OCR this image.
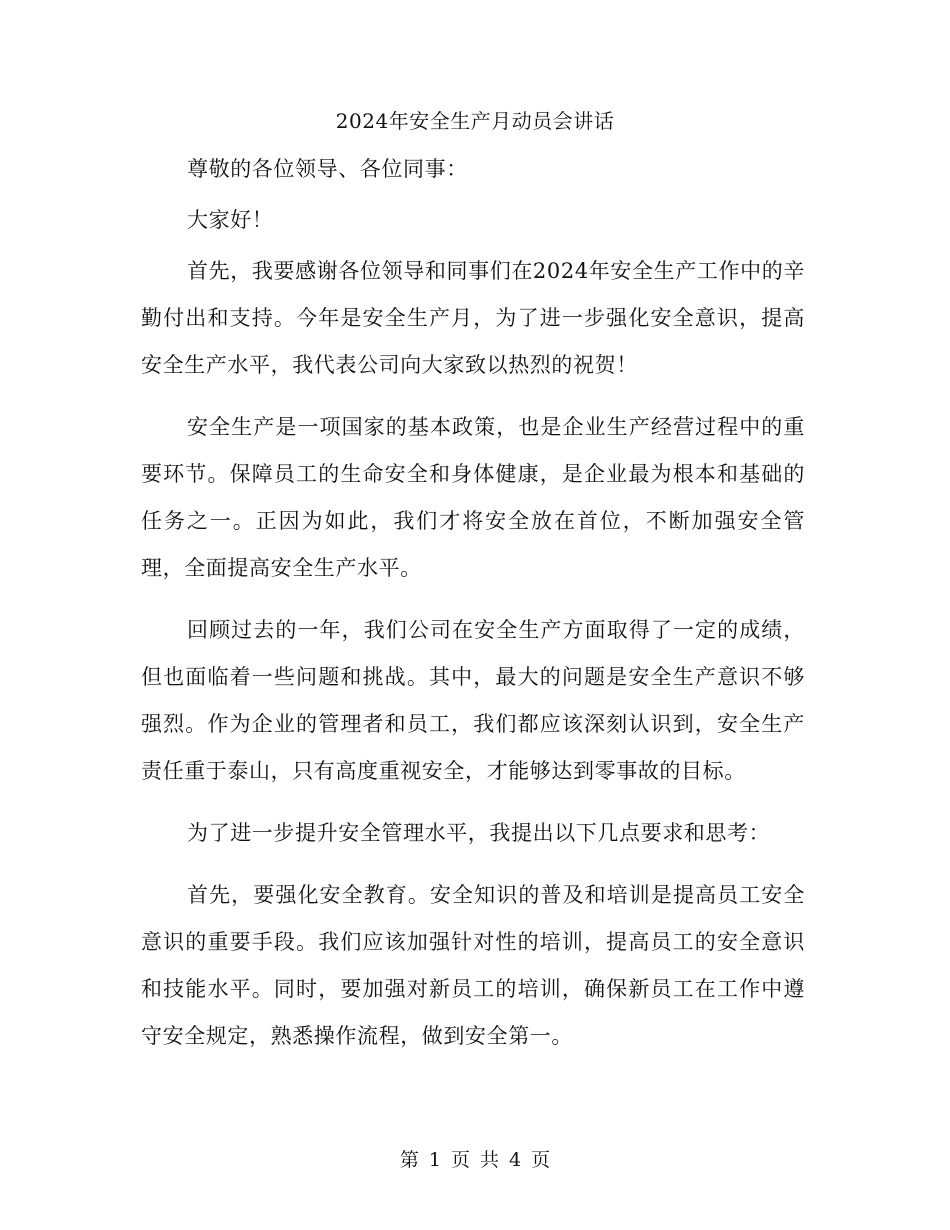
2024年安全生产月动员会讲话

尊敬的各位领导、各位同事：

大家好！

首先，我要感谢各位领导和同事们在2024年安全生产工作中的辛勤付出和支持。今年是安全生产月，为了进一步强化安全意识，提高安全生产水平，我代表公司向大家致以热烈的祝贺！

安全生产是一项国家的基本政策，也是企业生产经营过程中的重要环节。保障员工的生命安全和身体健康，是企业最为根本和基础的任务之一。正因为如此，我们才将安全放在首位，不断加强安全管理，全面提高安全生产水平。

回顾过去的一年，我们公司在安全生产方面取得了一定的成绩，但也面临着一些问题和挑战。其中，最大的问题是安全生产意识不够强烈。作为企业的管理者和员工，我们都应该深刻认识到，安全生产责任重于泰山，只有高度重视安全，才能够达到零事故的目标。

为了进一步提升安全管理水平，我提出以下几点要求和思考：

首先，要强化安全教育。安全知识的普及和培训是提高员工安全意识的重要手段。我们应该加强针对性的培训，提高员工的安全意识和技能水平。同时，要加强对新员工的培训，确保新员工在工作中遵守安全规定，熟悉操作流程，做到安全第一。

第 1 页 共 4 页
